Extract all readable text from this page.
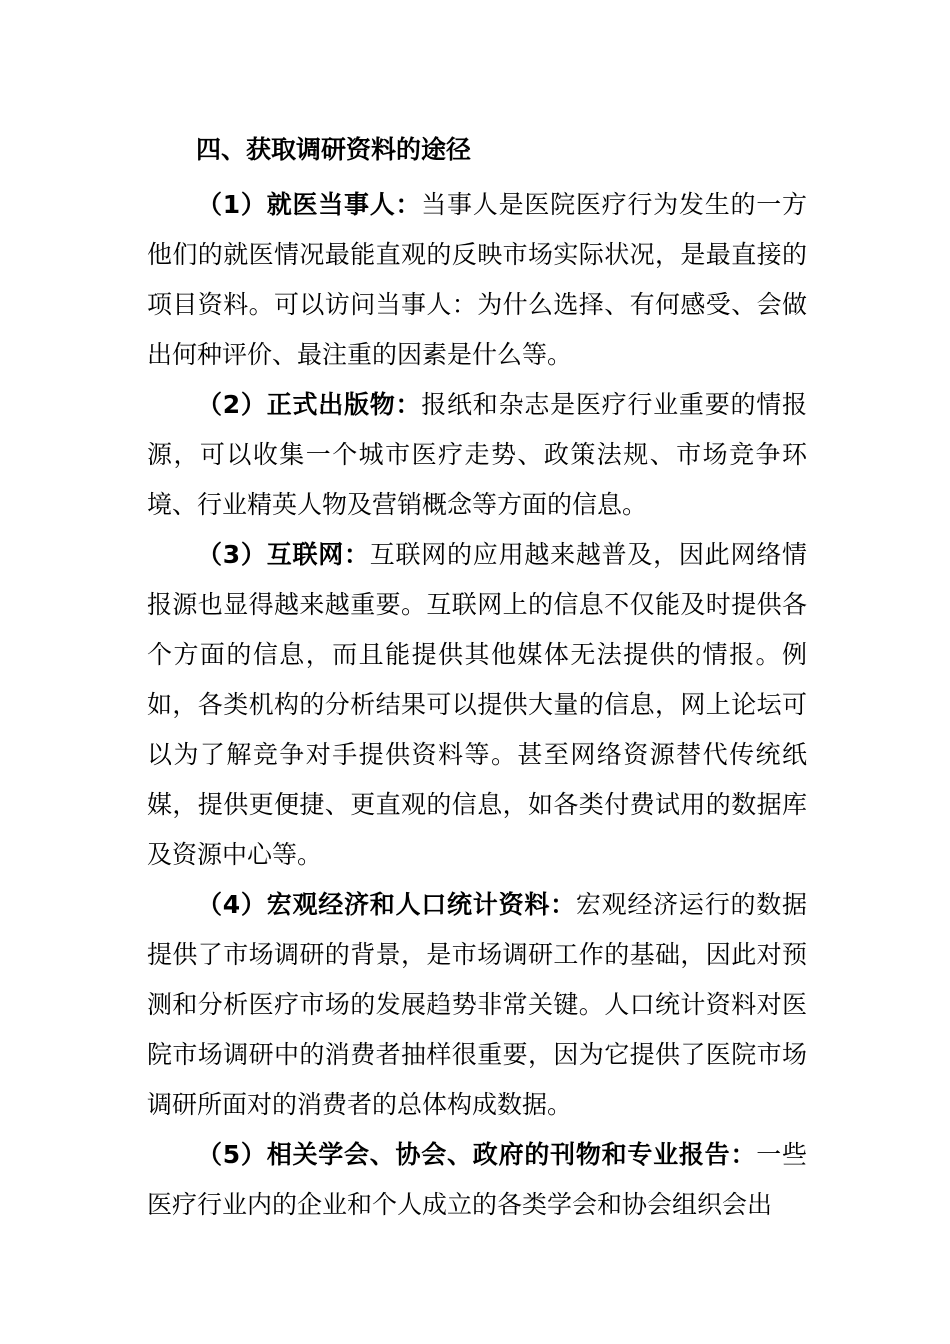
四、获取调研资料的途径

（1）就医当事人：当事人是医院医疗行为发生的一方他们的就医情况最能直观的反映市场实际状况，是最直接的项目资料。可以访问当事人：为什么选择、有何感受、会做出何种评价、最注重的因素是什么等。

（2）正式出版物：报纸和杂志是医疗行业重要的情报源，可以收集一个城市医疗走势、政策法规、市场竞争环境、行业精英人物及营销概念等方面的信息。

（3）互联网：互联网的应用越来越普及，因此网络情报源也显得越来越重要。互联网上的信息不仅能及时提供各个方面的信息，而且能提供其他媒体无法提供的情报。例如，各类机构的分析结果可以提供大量的信息，网上论坛可以为了解竞争对手提供资料等。甚至网络资源替代传统纸媒，提供更便捷、更直观的信息，如各类付费试用的数据库及资源中心等。

（4）宏观经济和人口统计资料：宏观经济运行的数据提供了市场调研的背景，是市场调研工作的基础，因此对预测和分析医疗市场的发展趋势非常关键。人口统计资料对医院市场调研中的消费者抽样很重要，因为它提供了医院市场调研所面对的消费者的总体构成数据。

（5）相关学会、协会、政府的刊物和专业报告：一些医疗行业内的企业和个人成立的各类学会和协会组织会出
